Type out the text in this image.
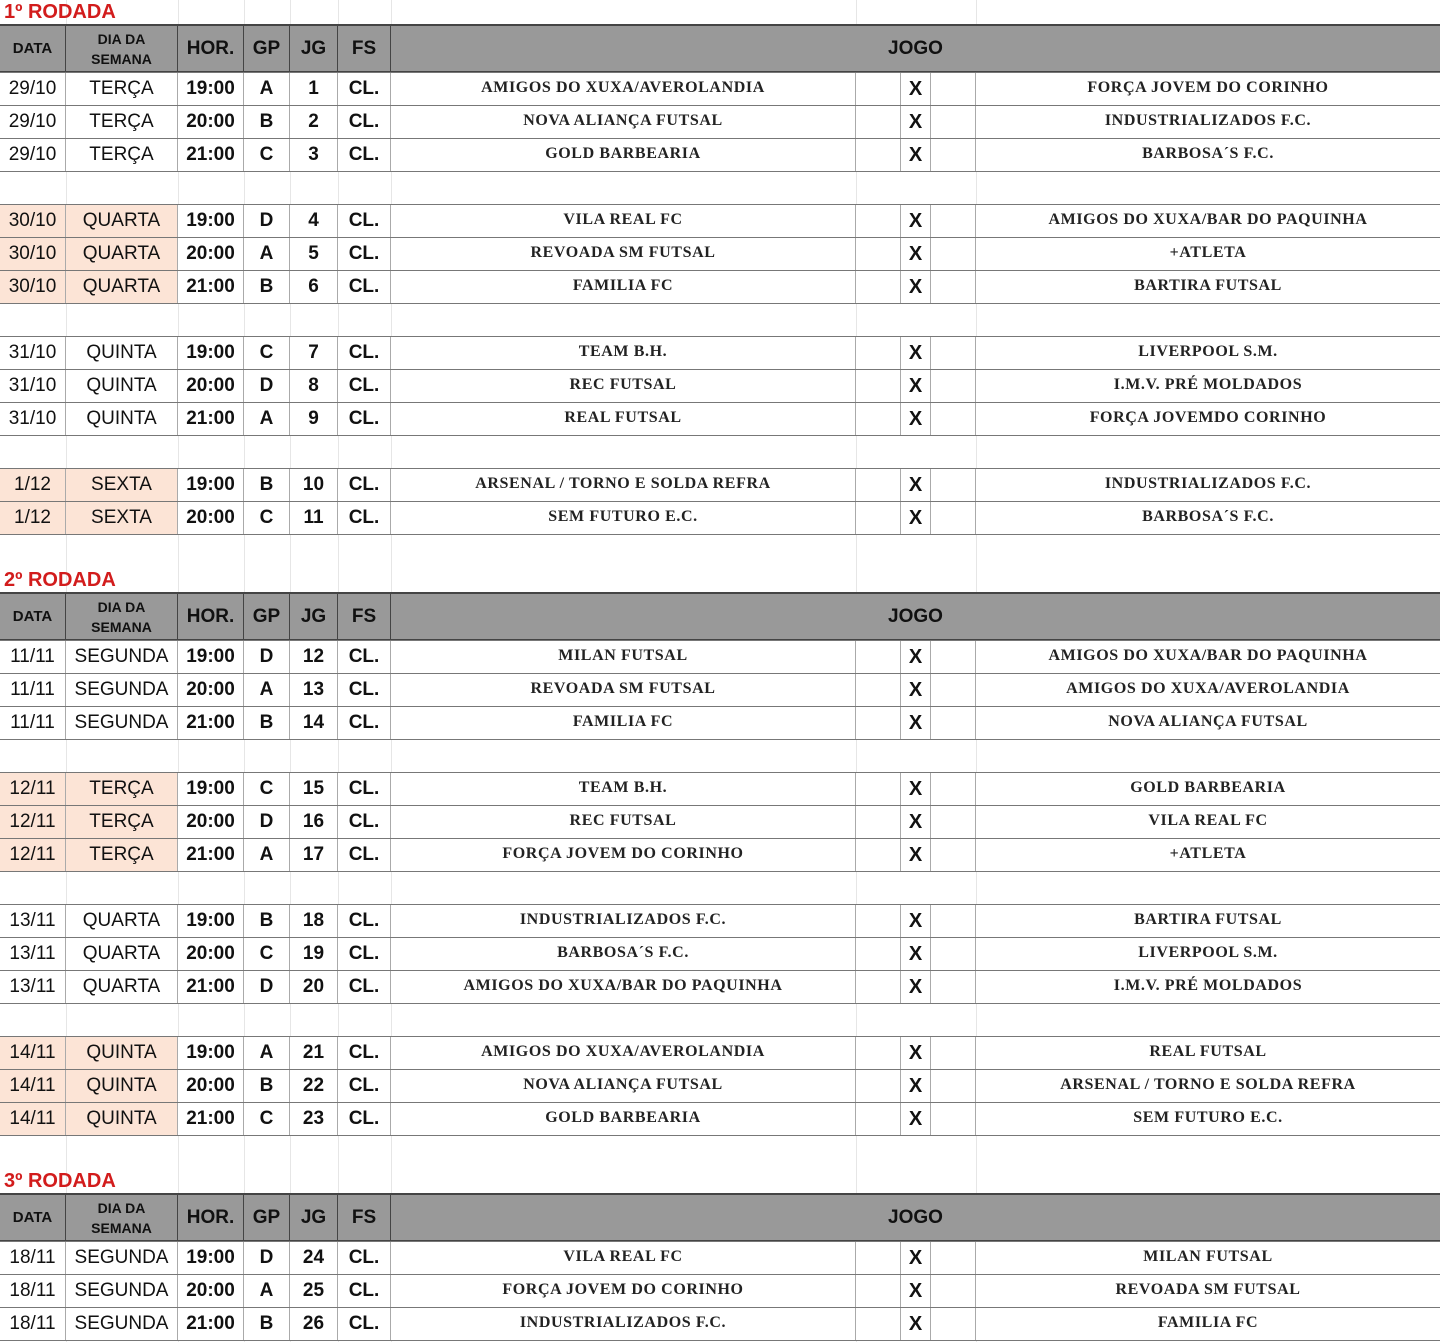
1º RODADA
DATA
DIA DA SEMANA	HOR. GP	JG	FS	JOGO
29/10	TERÇA	19:00	A	1	CL.	AMIGOS DO XUXA/AVEROLANDIA	X	FORÇA JOVEM DO CORINHO
29/10	TERÇA	20:00	B	2	CL.	NOVA ALIANÇA FUTSAL	X	INDUSTRIALIZADOS F.C.
29/10	TERÇA	21:00	C	3	CL.	GOLD BARBEARIA	X	BARBOSA´S F.C.
30/10	QUARTA	19:00	D	4	CL.	VILA REAL FC	X	AMIGOS DO XUXA/BAR DO PAQUINHA
30/10	QUARTA	20:00	A	5	CL.	REVOADA SM FUTSAL	X	+ATLETA
30/10	QUARTA	21:00	B	6	CL.	FAMILIA FC	X	BARTIRA FUTSAL
31/10	QUINTA	19:00	C	7	CL.	TEAM B.H.	X	LIVERPOOL S.M.
31/10	QUINTA	20:00	D	8	CL.	REC FUTSAL	X	I.M.V. PRÉ MOLDADOS
31/10	QUINTA	21:00	A	9	CL.	REAL FUTSAL	X	FORÇA JOVEMDO CORINHO
1/12	SEXTA	19:00	B	10	CL.	ARSENAL / TORNO E SOLDA REFRA	X	INDUSTRIALIZADOS F.C.
1/12	SEXTA	20:00	C	11	CL.	SEM FUTURO E.C.	X	BARBOSA´S F.C.
2º RODADA
DATA
DIA DA SEMANA	HOR. GP	JG	FS	JOGO
11/11	SEGUNDA 19:00	D	12	CL.	MILAN FUTSAL	X	AMIGOS DO XUXA/BAR DO PAQUINHA
11/11	SEGUNDA 20:00	A	13	CL.	REVOADA SM FUTSAL	X	AMIGOS DO XUXA/AVEROLANDIA
11/11	SEGUNDA 21:00	B	14	CL.	FAMILIA FC	X	NOVA ALIANÇA FUTSAL
12/11	TERÇA	19:00	C	15	CL.	TEAM B.H.	X	GOLD BARBEARIA
12/11	TERÇA	20:00	D	16	CL.	REC FUTSAL	X	VILA REAL FC
12/11	TERÇA	21:00	A	17	CL.	FORÇA JOVEM DO CORINHO	X	+ATLETA
13/11	QUARTA	19:00	B	18	CL.	INDUSTRIALIZADOS F.C.	X	BARTIRA FUTSAL
13/11	QUARTA	20:00	C	19	CL.	BARBOSA´S F.C.	X	LIVERPOOL S.M.
13/11	QUARTA	21:00	D	20	CL.	AMIGOS DO XUXA/BAR DO PAQUINHA	X	I.M.V. PRÉ MOLDADOS
14/11	QUINTA	19:00	A	21	CL.	AMIGOS DO XUXA/AVEROLANDIA	X	REAL FUTSAL
14/11	QUINTA	20:00	B	22	CL.	NOVA ALIANÇA FUTSAL	X	ARSENAL / TORNO E SOLDA REFRA
14/11	QUINTA	21:00	C	23	CL.	GOLD BARBEARIA	X	SEM FUTURO E.C.
3º RODADA
DATA
DIA DA SEMANA	HOR. GP	JG	FS	JOGO
18/11 SEGUNDA 19:00	D	24	CL.	VILA REAL FC	X	MILAN FUTSAL
18/11 SEGUNDA 20:00	A	25	CL.	FORÇA JOVEM DO CORINHO	X	REVOADA SM FUTSAL
18/11 SEGUNDA 21:00	B	26	CL.	INDUSTRIALIZADOS F.C.	X	FAMILIA FC
